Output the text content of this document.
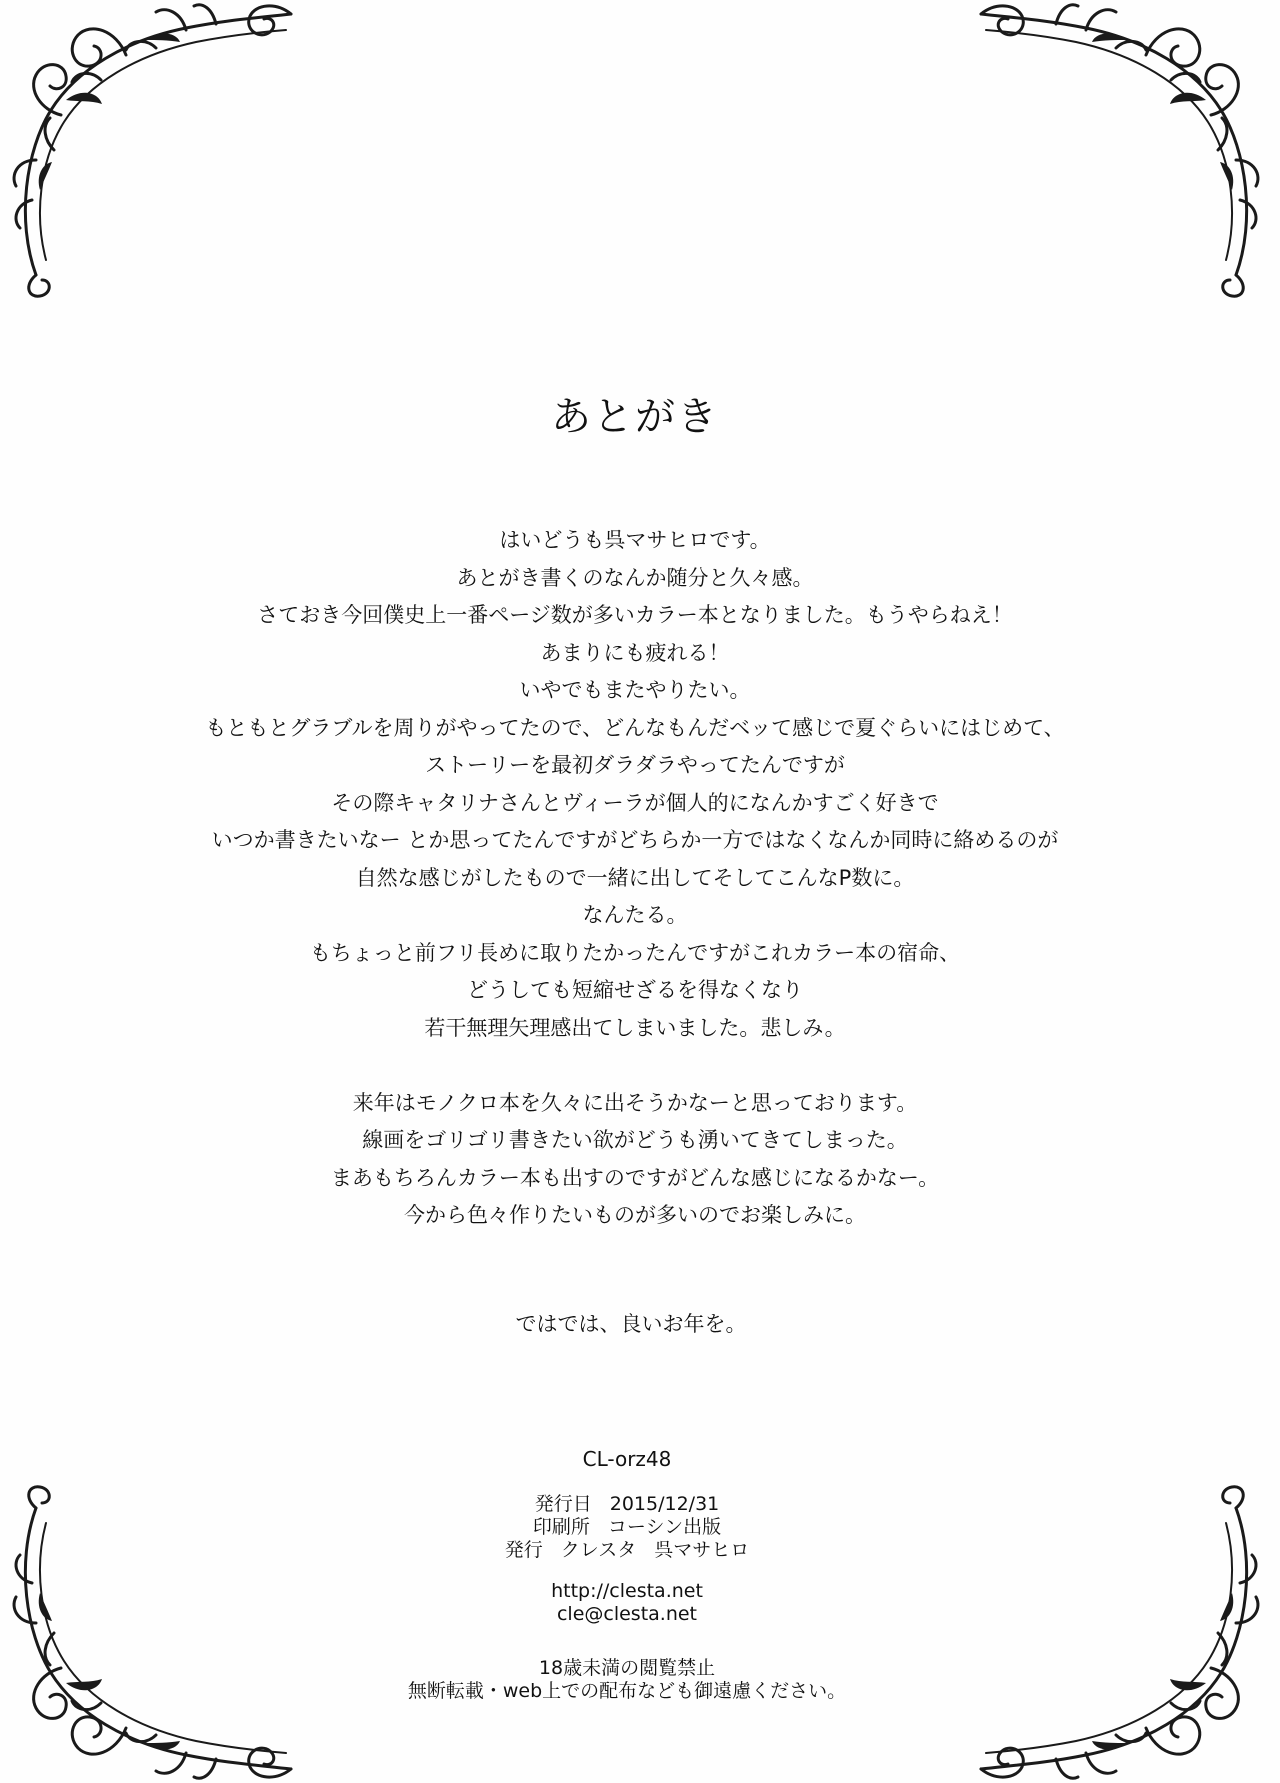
あとがき
はいどうも呉マサヒロです。
あとがき書くのなんか随分と久々感。
さておき今回僕史上一番ページ数が多いカラー本となりました。もうやらねえ！
あまりにも疲れる！
いやでもまたやりたい。
もともとグラブルを周りがやってたので、どんなもんだベッて感じで夏ぐらいにはじめて、
ストーリーを最初ダラダラやってたんですが
その際キャタリナさんとヴィーラが個人的になんかすごく好きで
いつか書きたいなー とか思ってたんですがどちらか一方ではなくなんか同時に絡めるのが
自然な感じがしたもので一緒に出してそしてこんなP数に。
なんたる。
もちょっと前フリ長めに取りたかったんですがこれカラー本の宿命、
どうしても短縮せざるを得なくなり
若干無理矢理感出てしまいました。悲しみ。
来年はモノクロ本を久々に出そうかなーと思っております。
線画をゴリゴリ書きたい欲がどうも湧いてきてしまった。
まあもちろんカラー本も出すのですがどんな感じになるかなー。
今から色々作りたいものが多いのでお楽しみに。
ではでは、良いお年を。
CL-orz48
発行日 2015/12/31
印刷所 コーシン出版
発行 クレスタ 呉マサヒロ
http://clesta.net
cle@clesta.net
18歳未満の閲覧禁止
無断転載・web上での配布なども御遠慮ください。
